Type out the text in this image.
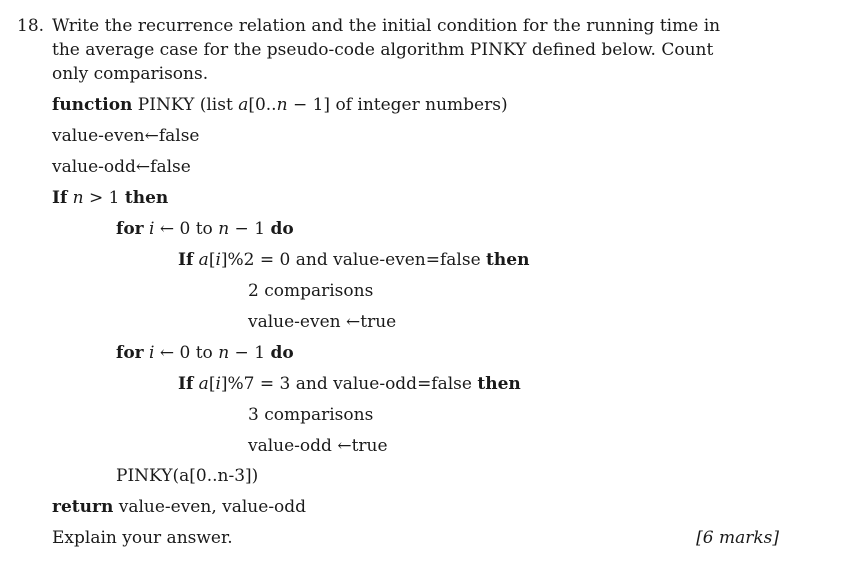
18. Write the recurrence relation and the initial condition for the running time in
the average case for the pseudo-code algorithm PINKY defined below. Count
only comparisons.
function PINKY (list a[0..n − 1] of integer numbers)
value-even←false
value-odd←false
If n > 1 then
for i ← 0 to n − 1 do
If a[i]%2 = 0 and value-even=false then
2 comparisons
value-even ←true
for i ← 0 to n − 1 do
If a[i]%7 = 3 and value-odd=false then
3 comparisons
value-odd ←true
PINKY(a[0..n-3])
return value-even, value-odd
Explain your answer.	[6 marks]
